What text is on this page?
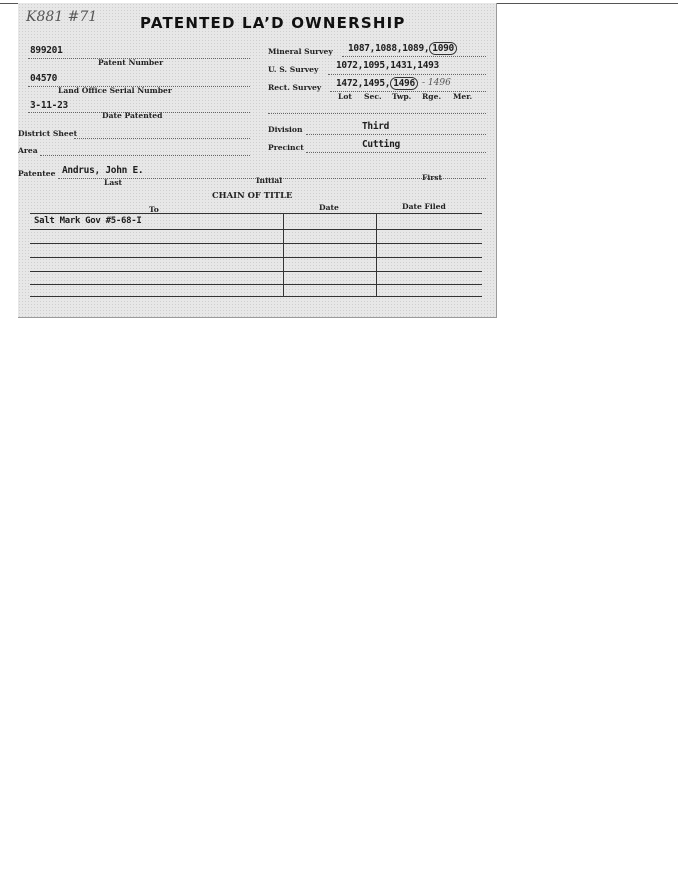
K881 #71	PATENTED LA’D OWNERSHIP
899201
Patent Number
04570
Land Office Serial Number
3-11-23
Date Patented
District Sheet
Area
Mineral Survey 1087,1088,1089, 1090
U. S. Survey 1072,1095,1431,1493
Rect. Survey 1472,1495, 1496 - 1496
Lot Sec. Twp. Rge. Mer.
Division	Third
Precinct	Cutting
Patentee Andrus, John E.
Last	Initial	First
CHAIN OF TITLE
To	Date	Date Filed
Salt Mark Gov #5-68-I
